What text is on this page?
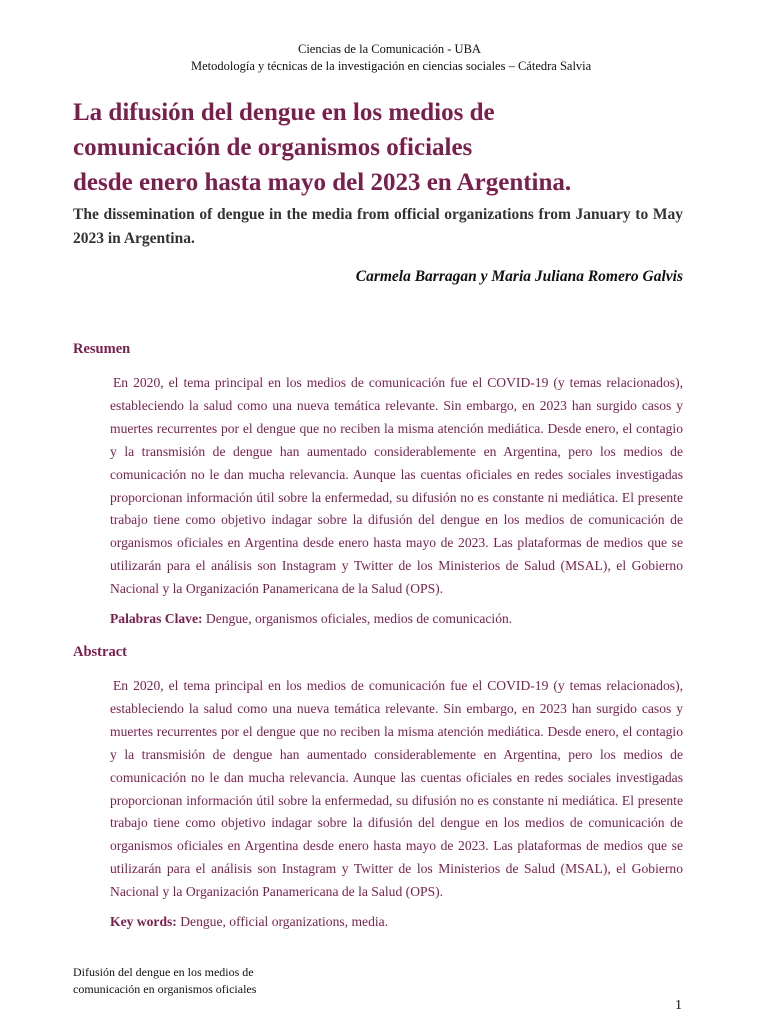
Ciencias de la Comunicación - UBA
Metodología y técnicas de la investigación en ciencias sociales – Cátedra Salvia
La difusión del dengue en los medios de
comunicación de organismos oficiales
desde enero hasta mayo del 2023 en Argentina.

The dissemination of dengue in the media from official organizations from January to May 2023 in Argentina.

Carmela Barragan y Maria Juliana Romero Galvis
Resumen

En 2020, el tema principal en los medios de comunicación fue el COVID-19 (y temas relacionados), estableciendo la salud como una nueva temática relevante. Sin embargo, en 2023 han surgido casos y muertes recurrentes por el dengue que no reciben la misma atención mediática. Desde enero, el contagio y la transmisión de dengue han aumentado considerablemente en Argentina, pero los medios de comunicación no le dan mucha relevancia. Aunque las cuentas oficiales en redes sociales investigadas proporcionan información útil sobre la enfermedad, su difusión no es constante ni mediática. El presente trabajo tiene como objetivo indagar sobre la difusión del dengue en los medios de comunicación de organismos oficiales en Argentina desde enero hasta mayo de 2023. Las plataformas de medios que se utilizarán para el análisis son Instagram y Twitter de los Ministerios de Salud (MSAL), el Gobierno Nacional y la Organización Panamericana de la Salud (OPS).

Palabras Clave: Dengue, organismos oficiales, medios de comunicación.
Abstract

En 2020, el tema principal en los medios de comunicación fue el COVID-19 (y temas relacionados), estableciendo la salud como una nueva temática relevante. Sin embargo, en 2023 han surgido casos y muertes recurrentes por el dengue que no reciben la misma atención mediática. Desde enero, el contagio y la transmisión de dengue han aumentado considerablemente en Argentina, pero los medios de comunicación no le dan mucha relevancia. Aunque las cuentas oficiales en redes sociales investigadas proporcionan información útil sobre la enfermedad, su difusión no es constante ni mediática. El presente trabajo tiene como objetivo indagar sobre la difusión del dengue en los medios de comunicación de organismos oficiales en Argentina desde enero hasta mayo de 2023. Las plataformas de medios que se utilizarán para el análisis son Instagram y Twitter de los Ministerios de Salud (MSAL), el Gobierno Nacional y la Organización Panamericana de la Salud (OPS).

Key words: Dengue, official organizations, media.
Difusión del dengue en los medios de
comunicación en organismos oficiales
1
